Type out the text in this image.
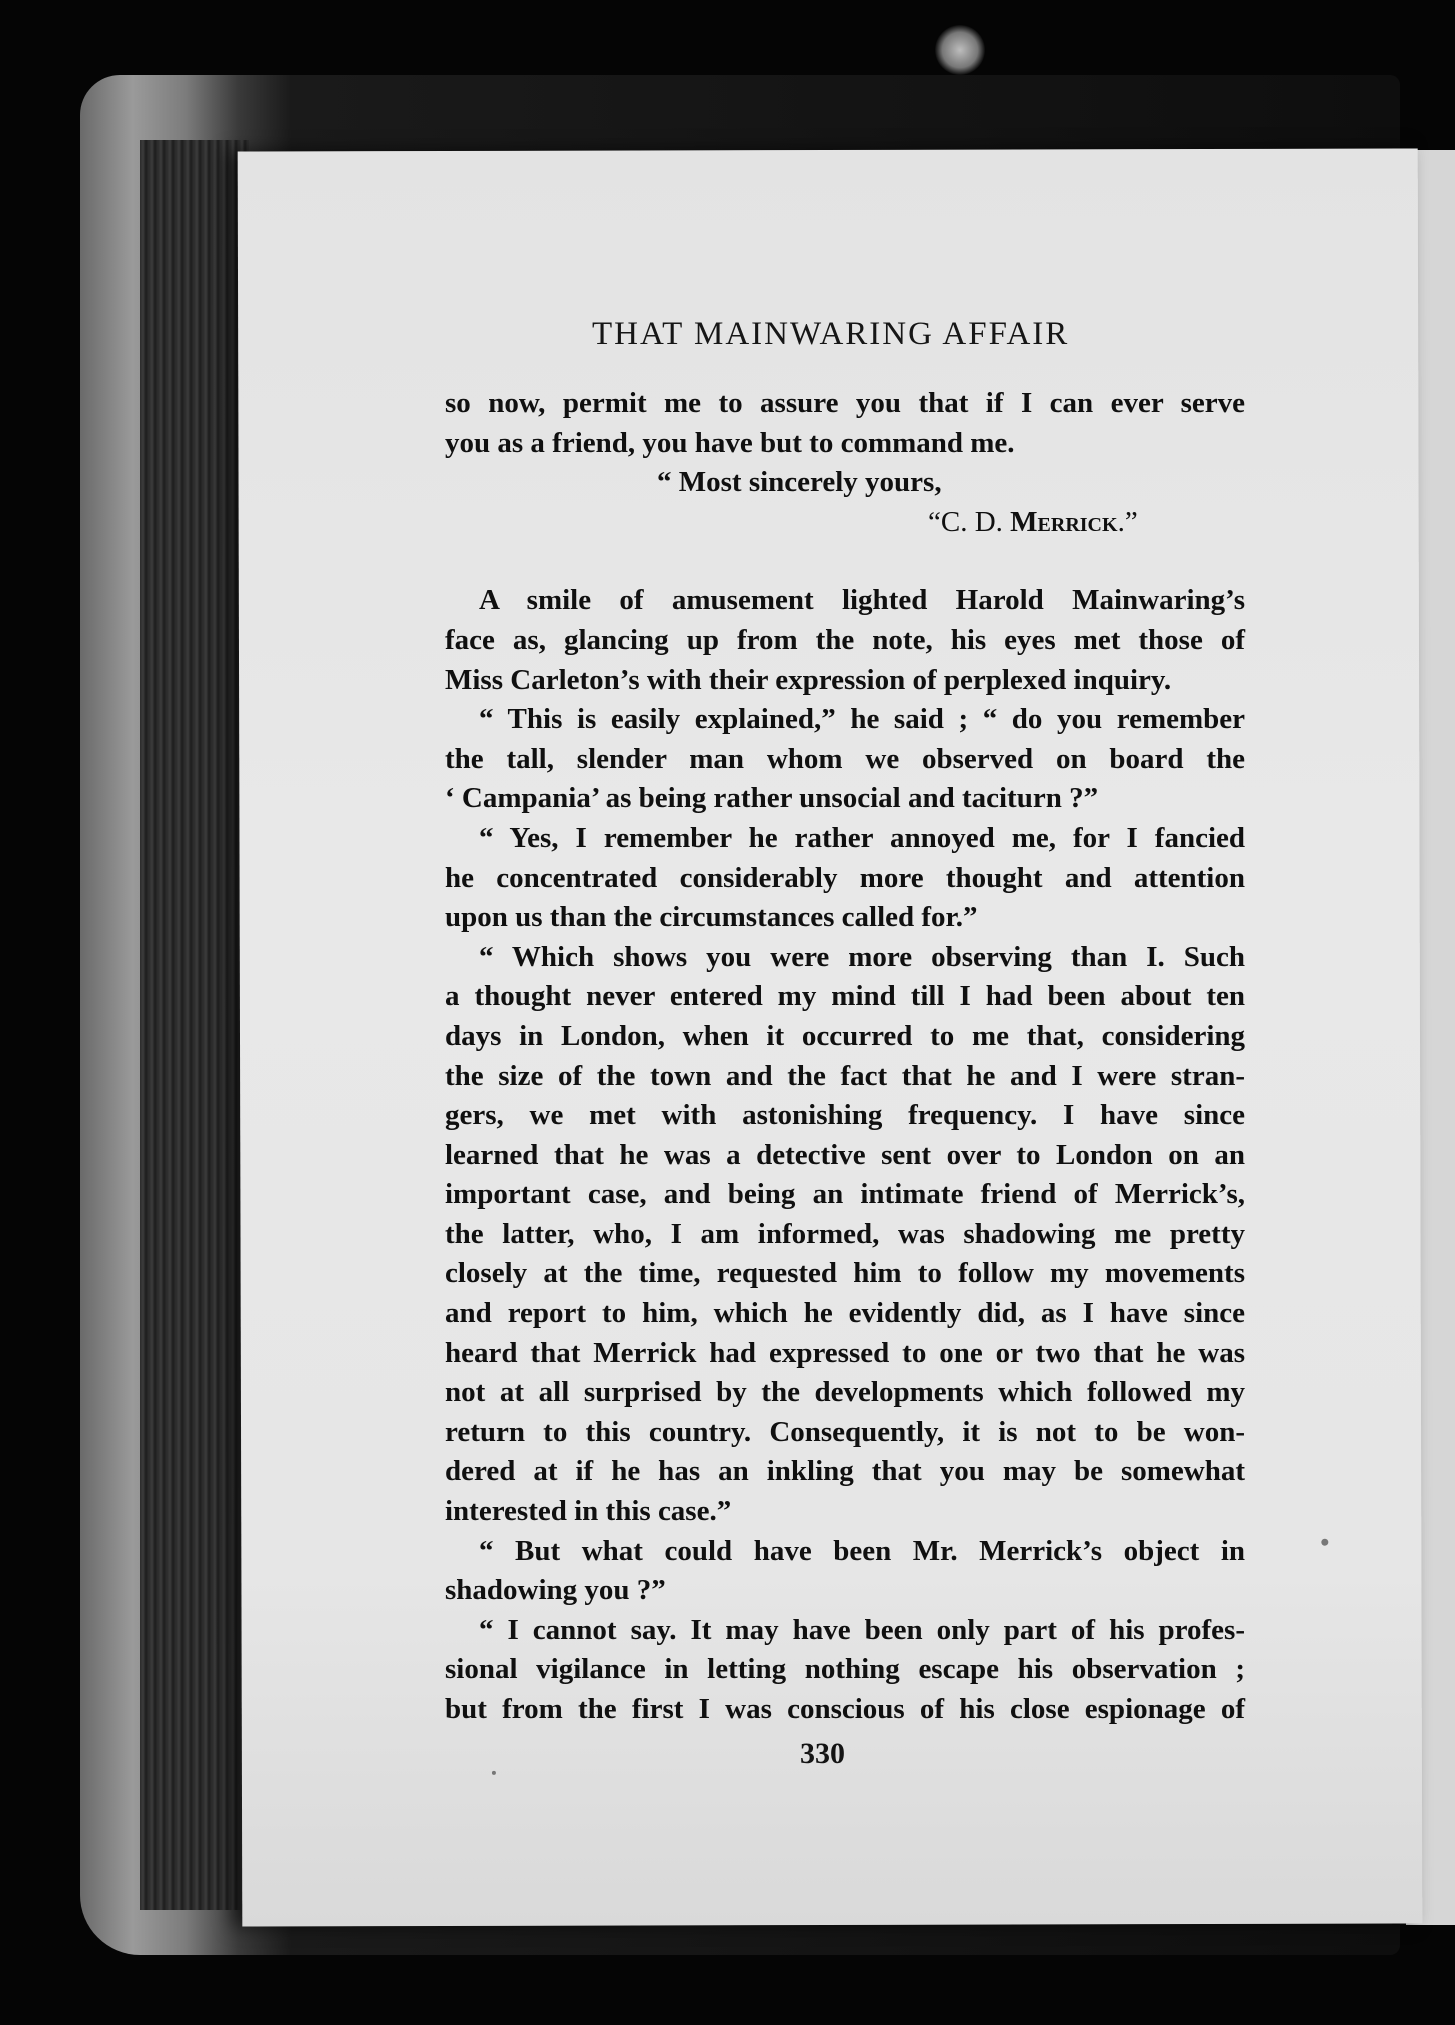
THAT MAINWARING AFFAIR
so now, permit me to assure you that if I can ever serve
you as a friend, you have but to command me.
“ Most sincerely yours,
“C. D. Merrick.”
A smile of amusement lighted Harold Mainwaring’s
face as, glancing up from the note, his eyes met those of
Miss Carleton’s with their expression of perplexed inquiry.
“ This is easily explained,” he said ; “ do you remember
the tall, slender man whom we observed on board the
‘ Campania’ as being rather unsocial and taciturn ?”
“ Yes, I remember he rather annoyed me, for I fancied
he concentrated considerably more thought and attention
upon us than the circumstances called for.”
“ Which shows you were more observing than I. Such
a thought never entered my mind till I had been about ten
days in London, when it occurred to me that, considering
the size of the town and the fact that he and I were stran-
gers, we met with astonishing frequency. I have since
learned that he was a detective sent over to London on an
important case, and being an intimate friend of Merrick’s,
the latter, who, I am informed, was shadowing me pretty
closely at the time, requested him to follow my movements
and report to him, which he evidently did, as I have since
heard that Merrick had expressed to one or two that he was
not at all surprised by the developments which followed my
return to this country. Consequently, it is not to be won-
dered at if he has an inkling that you may be somewhat
interested in this case.”
“ But what could have been Mr. Merrick’s object in
shadowing you ?”
“ I cannot say. It may have been only part of his profes-
sional vigilance in letting nothing escape his observation ;
but from the first I was conscious of his close espionage of
330
